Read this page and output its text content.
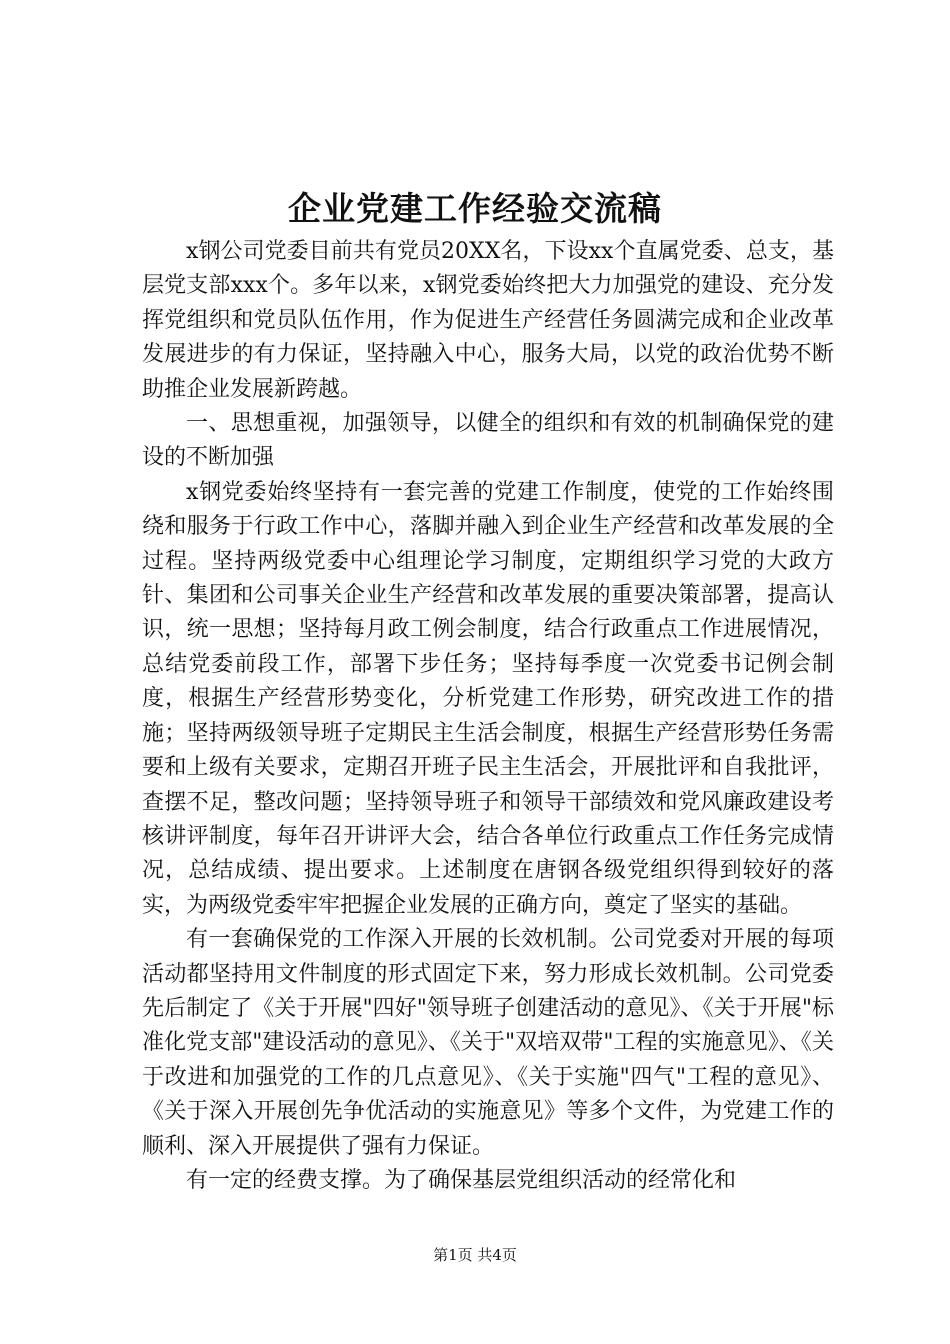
企业党建工作经验交流稿

x钢公司党委目前共有党员20XX名，下设xx个直属党委、总支，基层党支部xxx个。多年以来，x钢党委始终把大力加强党的建设、充分发挥党组织和党员队伍作用，作为促进生产经营任务圆满完成和企业改革发展进步的有力保证，坚持融入中心，服务大局，以党的政治优势不断助推企业发展新跨越。

一、思想重视，加强领导，以健全的组织和有效的机制确保党的建设的不断加强

x钢党委始终坚持有一套完善的党建工作制度，使党的工作始终围绕和服务于行政工作中心，落脚并融入到企业生产经营和改革发展的全过程。坚持两级党委中心组理论学习制度，定期组织学习党的大政方针、集团和公司事关企业生产经营和改革发展的重要决策部署，提高认识，统一思想；坚持每月政工例会制度，结合行政重点工作进展情况，总结党委前段工作，部署下步任务；坚持每季度一次党委书记例会制度，根据生产经营形势变化，分析党建工作形势，研究改进工作的措施；坚持两级领导班子定期民主生活会制度，根据生产经营形势任务需要和上级有关要求，定期召开班子民主生活会，开展批评和自我批评，查摆不足，整改问题；坚持领导班子和领导干部绩效和党风廉政建设考核讲评制度，每年召开讲评大会，结合各单位行政重点工作任务完成情况，总结成绩、提出要求。上述制度在唐钢各级党组织得到较好的落实，为两级党委牢牢把握企业发展的正确方向，奠定了坚实的基础。

有一套确保党的工作深入开展的长效机制。公司党委对开展的每项活动都坚持用文件制度的形式固定下来，努力形成长效机制。公司党委先后制定了《关于开展"四好"领导班子创建活动的意见》、《关于开展"标准化党支部"建设活动的意见》、《关于"双培双带"工程的实施意见》、《关于改进和加强党的工作的几点意见》、《关于实施"四气"工程的意见》、《关于深入开展创先争优活动的实施意见》等多个文件，为党建工作的顺利、深入开展提供了强有力保证。

有一定的经费支撑。为了确保基层党组织活动的经常化和

第1页 共4页
